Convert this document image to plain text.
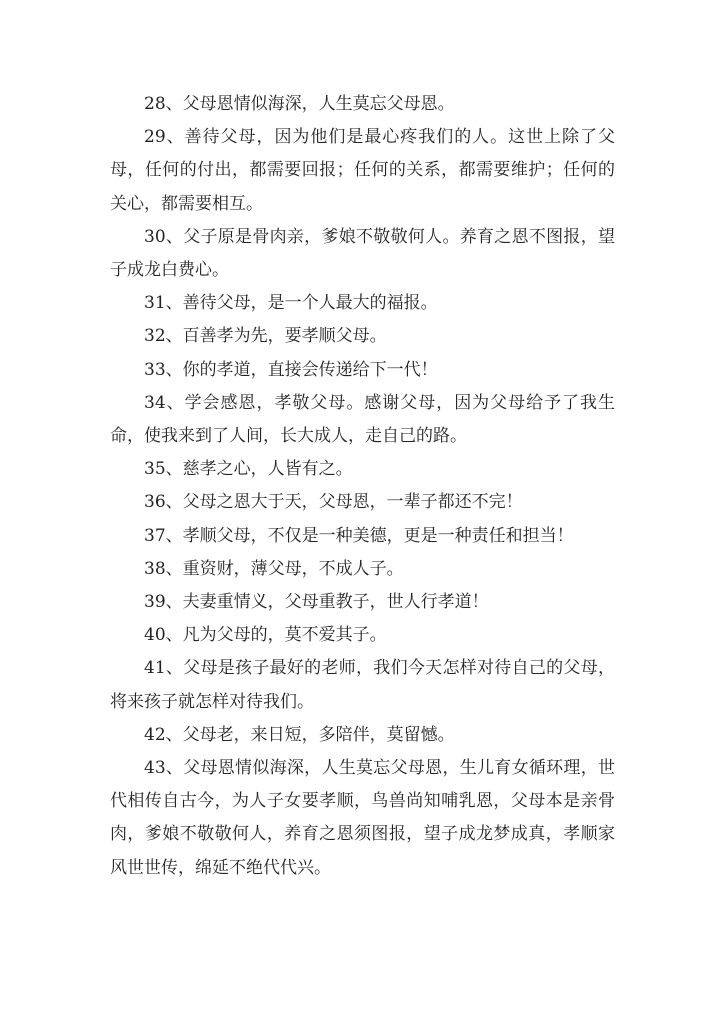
28、父母恩情似海深，人生莫忘父母恩。

29、善待父母，因为他们是最心疼我们的人。这世上除了父母，任何的付出，都需要回报；任何的关系，都需要维护；任何的关心，都需要相互。

30、父子原是骨肉亲，爹娘不敬敬何人。养育之恩不图报，望子成龙白费心。

31、善待父母，是一个人最大的福报。

32、百善孝为先，要孝顺父母。

33、你的孝道，直接会传递给下一代！

34、学会感恩，孝敬父母。感谢父母，因为父母给予了我生命，使我来到了人间，长大成人，走自己的路。

35、慈孝之心，人皆有之。

36、父母之恩大于天，父母恩，一辈子都还不完！

37、孝顺父母，不仅是一种美德，更是一种责任和担当！

38、重资财，薄父母，不成人子。

39、夫妻重情义，父母重教子，世人行孝道！

40、凡为父母的，莫不爱其子。

41、父母是孩子最好的老师，我们今天怎样对待自己的父母，将来孩子就怎样对待我们。

42、父母老，来日短，多陪伴，莫留憾。

43、父母恩情似海深，人生莫忘父母恩，生儿育女循环理，世代相传自古今，为人子女要孝顺，鸟兽尚知哺乳恩，父母本是亲骨肉，爹娘不敬敬何人，养育之恩须图报，望子成龙梦成真，孝顺家风世世传，绵延不绝代代兴。
